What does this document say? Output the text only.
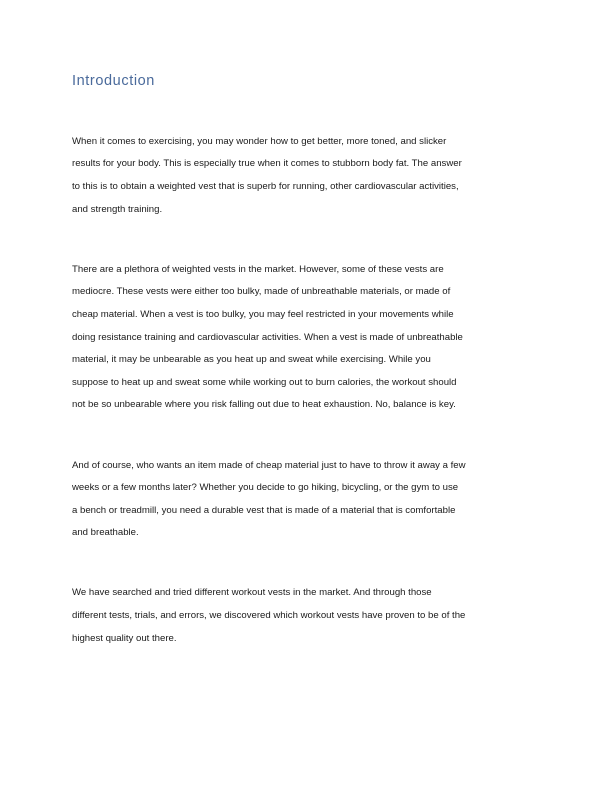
Introduction

When it comes to exercising, you may wonder how to get better, more toned, and slicker

results for your body. This is especially true when it comes to stubborn body fat. The answer

to this is to obtain a weighted vest that is superb for running, other cardiovascular activities,

and strength training.

There are a plethora of weighted vests in the market. However, some of these vests are

mediocre. These vests were either too bulky, made of unbreathable materials, or made of

cheap material. When a vest is too bulky, you may feel restricted in your movements while

doing resistance training and cardiovascular activities. When a vest is made of unbreathable

material, it may be unbearable as you heat up and sweat while exercising. While you

suppose to heat up and sweat some while working out to burn calories, the workout should

not be so unbearable where you risk falling out due to heat exhaustion. No, balance is key.

And of course, who wants an item made of cheap material just to have to throw it away a few

weeks or a few months later? Whether you decide to go hiking, bicycling, or the gym to use

a bench or treadmill, you need a durable vest that is made of a material that is comfortable

and breathable.

We have searched and tried different workout vests in the market. And through those

different tests, trials, and errors, we discovered which workout vests have proven to be of the

highest quality out there.
